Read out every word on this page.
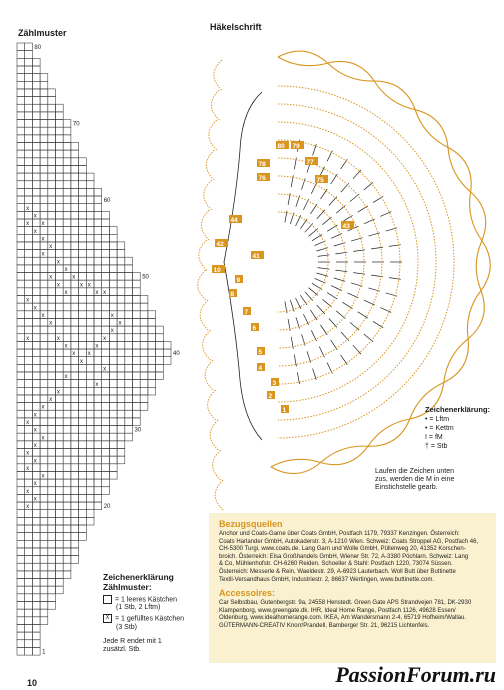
Zählmuster
x
x
x x
x
x
x
x
x
x
x	x
x	x x
x	x x
x
x
x	x
x	x
x
x	x	x
x	x
x x
x
x
x
x
x
x
x
x
x
x
x
x
x
x
x
x
x
x
x
x
80
70
60
50
40
30
20
1
Zeichenerklärung
Zählmuster:
= 1 leeres Kästchen
(1 Stb, 2 Lftm)
X = 1 gefülltes Kästchen
(3 Stb)
Jede R endet mit 1
zusätzl. Stb.
Häkelschrift
80 79
78	77
76	75
44
43
42
41
10
9
8
7
6
5
4
3
2
1	Zeichenerklärung:
• = Lftm
• = Kettm
I = fM
† = Stb
Laufen die Zeichen unten
zus, werden die M in eine
Einstichstelle gearb.
Bezugsquellen
Anchor und Coats-Garne über Coats GmbH, Postfach 1179, 79337 Kenzingen. Österreich:
Coats Harlander GmbH, Autokaderstr. 3, A-1210 Wien. Schweiz: Coats Stroppel AG, Postfach 46,
CH-5300 Turgi, www.coats.de. Lang Garn und Wolle GmbH, Püllenweg 20, 41352 Korschen-
broich. Österreich: Elsa Großhandels GmbH, Wiener Str. 72, A-3380 Pöchlarn. Schweiz: Lang
& Co, Mühlenhofstr. CH-6260 Reiden. Schoeller & Stahl: Postfach 1220, 73074 Süssen.
Österreich: Messerle & Rein, Waeldestr. 29, A-6923 Lauterbach. Woll Butt über Buttinette
Textil-Versandhaus GmbH, Industriestr. 2, 86637 Wertingen, www.buttinette.com.
Accessoires:
Car Selbstbau, Gutenbergstr. 9a, 24558 Henstedt. Green Gate APS Strandvejen 781, DK-2930
Klampenborg, www.greengate.dk. IHR, Ideal Home Range, Postfach 1126, 49628 Essen/
Oldenburg, www.idealhomerange.com. IKEA, Am Wandersmann 2-4, 65719 Hofheim/Wallau.
GÜTERMANN-CREATIV Knorr/Prandell, Bamberger Str. 21, 96215 Lichtenfels.
10	PassionForum.ru
